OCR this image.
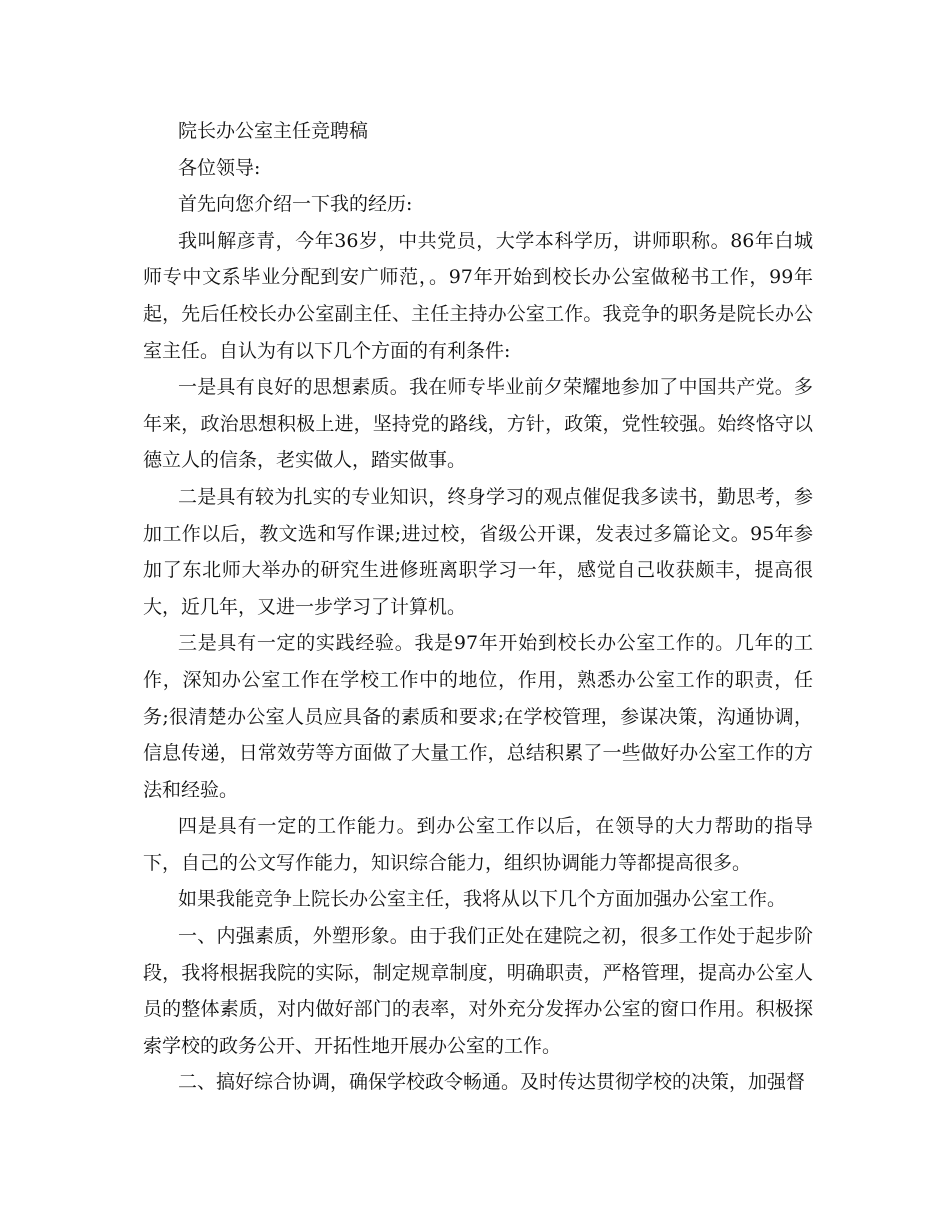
院长办公室主任竞聘稿

各位领导:

首先向您介绍一下我的经历:

我叫解彦青，今年36岁，中共党员，大学本科学历，讲师职称。86年白城师专中文系毕业分配到安广师范，。97年开始到校长办公室做秘书工作，99年起，先后任校长办公室副主任、主任主持办公室工作。我竞争的职务是院长办公室主任。自认为有以下几个方面的有利条件:

一是具有良好的思想素质。我在师专毕业前夕荣耀地参加了中国共产党。多年来，政治思想积极上进，坚持党的路线，方针，政策，党性较强。始终恪守以德立人的信条，老实做人，踏实做事。

二是具有较为扎实的专业知识，终身学习的观点催促我多读书，勤思考，参加工作以后，教文选和写作课;进过校，省级公开课，发表过多篇论文。95年参加了东北师大举办的研究生进修班离职学习一年，感觉自己收获颇丰，提高很大，近几年，又进一步学习了计算机。

三是具有一定的实践经验。我是97年开始到校长办公室工作的。几年的工作，深知办公室工作在学校工作中的地位，作用，熟悉办公室工作的职责，任务;很清楚办公室人员应具备的素质和要求;在学校管理，参谋决策，沟通协调，信息传递，日常效劳等方面做了大量工作，总结积累了一些做好办公室工作的方法和经验。

四是具有一定的工作能力。到办公室工作以后，在领导的大力帮助的指导下，自己的公文写作能力，知识综合能力，组织协调能力等都提高很多。

如果我能竞争上院长办公室主任，我将从以下几个方面加强办公室工作。

一、内强素质，外塑形象。由于我们正处在建院之初，很多工作处于起步阶段，我将根据我院的实际，制定规章制度，明确职责，严格管理，提高办公室人员的整体素质，对内做好部门的表率，对外充分发挥办公室的窗口作用。积极探索学校的政务公开、开拓性地开展办公室的工作。

二、搞好综合协调，确保学校政令畅通。及时传达贯彻学校的决策，加强督
